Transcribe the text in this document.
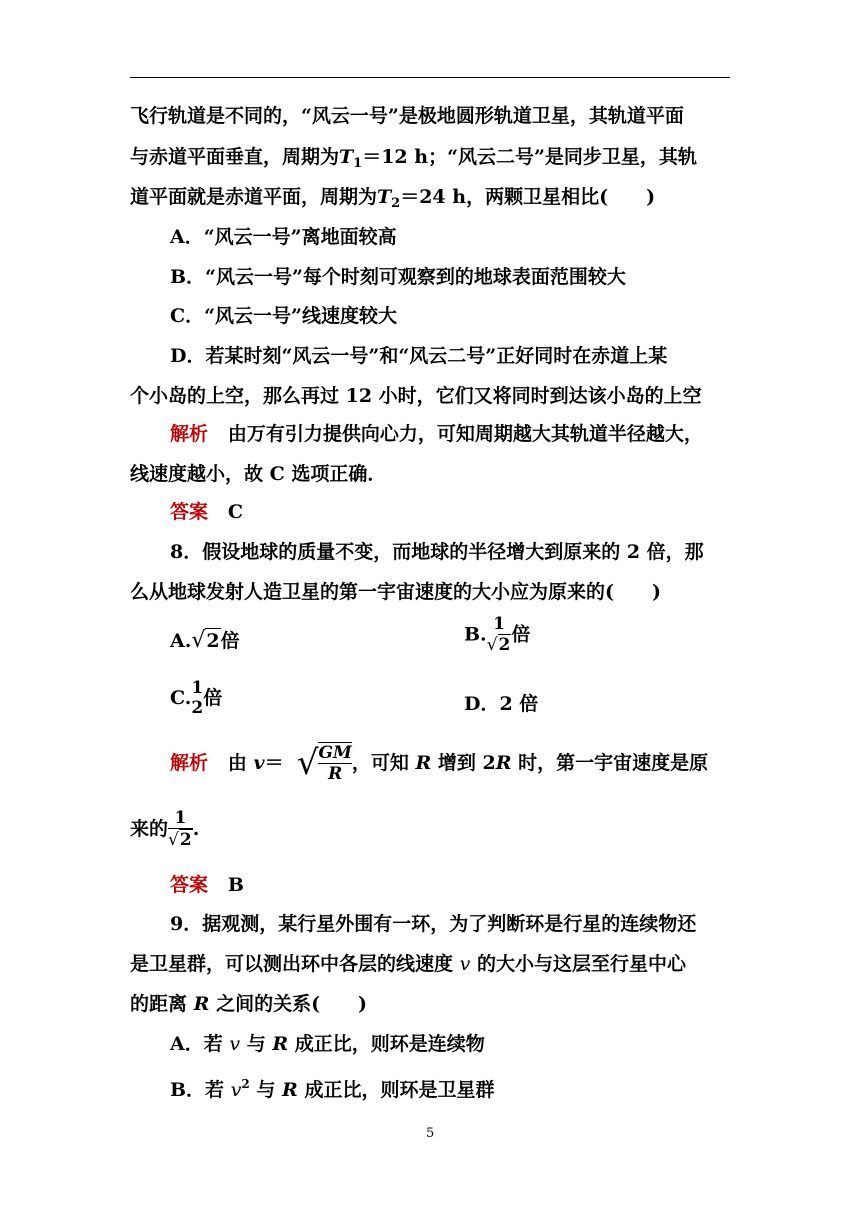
飞行轨道是不同的，“风云一号”是极地圆形轨道卫星，其轨道平面
与赤道平面垂直，周期为$T_1=12$ h；“风云二号”是同步卫星，其轨
道平面就是赤道平面，周期为$T_2=24$ h，两颗卫星相比(　　)
A．“风云一号”离地面较高
B．“风云一号”每个时刻可观察到的地球表面范围较大
C．“风云一号”线速度较大
D．若某时刻“风云一号”和“风云二号”正好同时在赤道上某
个小岛的上空，那么再过 12 小时，它们又将同时到达该小岛的上空
解析 由万有引力提供向心力，可知周期越大其轨道半径越大，
线速度越小，故 C 选项正确．
答案 C
8．假设地球的质量不变，而地球的半径增大到原来的 2 倍，那
么从地球发射人造卫星的第一宇宙速度的大小应为原来的(　　)
A.√2倍	B. 1
√2 倍
C. 1
2 倍	D．2 倍
解析 由 v＝ √ $\frac{GM}{R}$ ，可知 R 增到 2R 时，第一宇宙速度是原
来的 $\frac{1}{√2}$ .
答案 B
9．据观测，某行星外围有一环，为了判断环是行星的连续物还
是卫星群，可以测出环中各层的线速度 v 的大小与这层至行星中心
的距离 R 之间的关系(　　)
A．若 v 与 R 成正比，则环是连续物
B．若 $v^2$ 与 R 成正比，则环是卫星群
5
